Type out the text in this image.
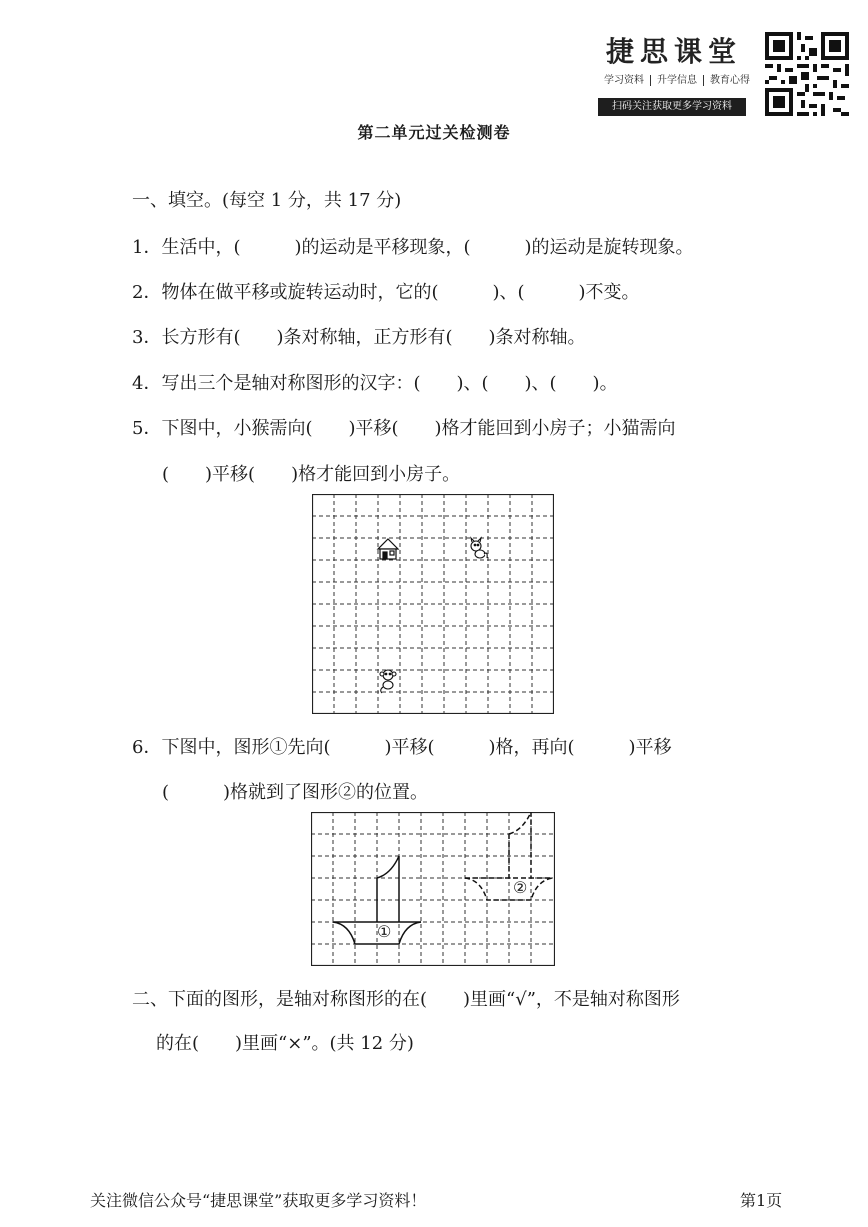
捷思课堂
学习资料 升学信息 教育心得
扫码关注获取更多学习资料
第二单元过关检测卷
一、填空。(每空 1 分，共 17 分)
1．生活中，(　　　)的运动是平移现象，(　　　)的运动是旋转现象。
2．物体在做平移或旋转运动时，它的(　　　)、(　　　)不变。
3．长方形有(　　)条对称轴，正方形有(　　)条对称轴。
4．写出三个是轴对称图形的汉字：(　　)、(　　)、(　　)。
5．下图中，小猴需向(　　)平移(　　)格才能回到小房子；小猫需向
(　　)平移(　　)格才能回到小房子。
6．下图中，图形①先向(　　　)平移(　　　)格，再向(　　　)平移
(　　　)格就到了图形②的位置。
①
②
二、下面的图形，是轴对称图形的在(　　)里画“√”，不是轴对称图形
的在(　　)里画“×”。(共 12 分)
关注微信公众号“捷思课堂”获取更多学习资料！	第1页
